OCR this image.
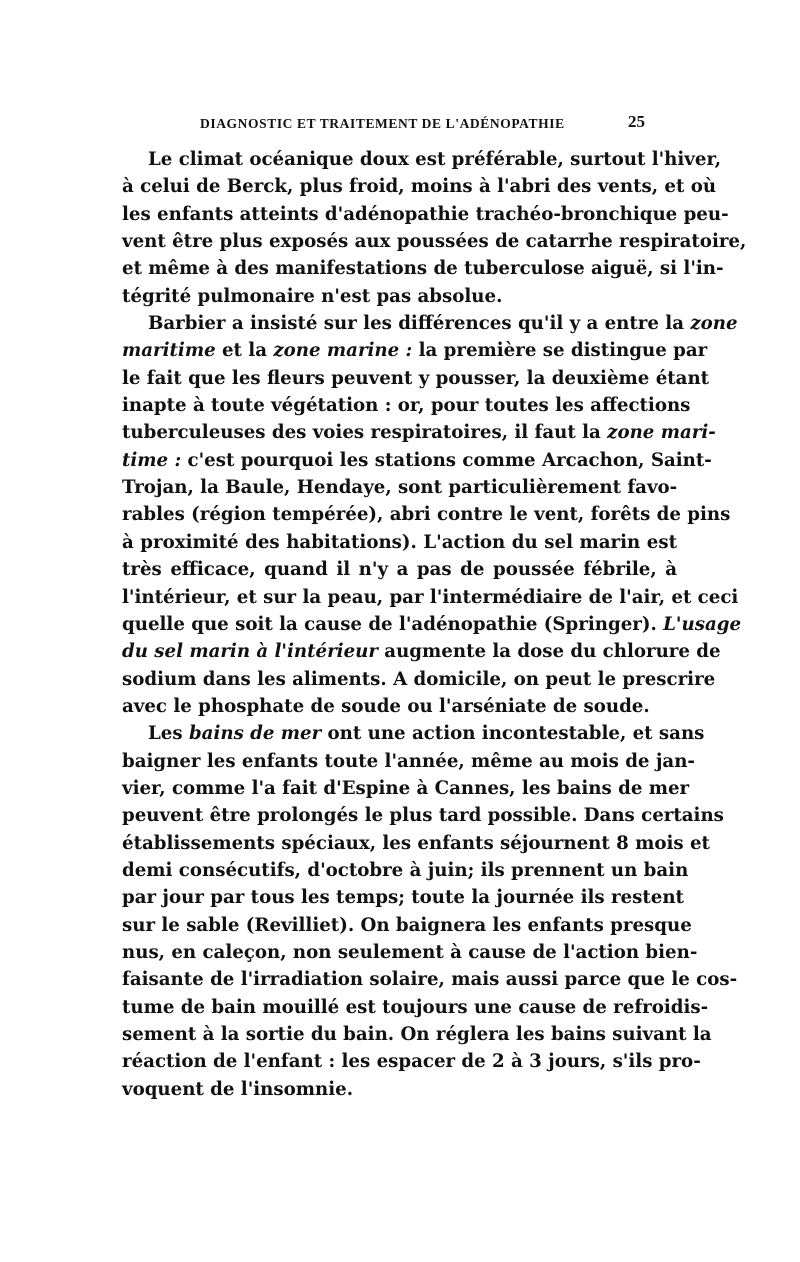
DIAGNOSTIC ET TRAITEMENT DE L'ADÉNOPATHIE	25
Le climat océanique doux est préférable, surtout l'hiver,
à celui de Berck, plus froid, moins à l'abri des vents, et où
les enfants atteints d'adénopathie trachéo-bronchique peu-
vent être plus exposés aux poussées de catarrhe respiratoire,
et même à des manifestations de tuberculose aiguë, si l'in-
tégrité pulmonaire n'est pas absolue.
Barbier a insisté sur les différences qu'il y a entre la zone
maritime et la zone marine : la première se distingue par
le fait que les fleurs peuvent y pousser, la deuxième étant
inapte à toute végétation : or, pour toutes les affections
tuberculeuses des voies respiratoires, il faut la zone mari-
time : c'est pourquoi les stations comme Arcachon, Saint-
Trojan, la Baule, Hendaye, sont particulièrement favo-
rables (région tempérée), abri contre le vent, forêts de pins
à proximité des habitations). L'action du sel marin est
très efficace, quand il n'y a pas de poussée fébrile, à
l'intérieur, et sur la peau, par l'intermédiaire de l'air, et ceci
quelle que soit la cause de l'adénopathie (Springer). L'usage
du sel marin à l'intérieur augmente la dose du chlorure de
sodium dans les aliments. A domicile, on peut le prescrire
avec le phosphate de soude ou l'arséniate de soude.
Les bains de mer ont une action incontestable, et sans
baigner les enfants toute l'année, même au mois de jan-
vier, comme l'a fait d'Espine à Cannes, les bains de mer
peuvent être prolongés le plus tard possible. Dans certains
établissements spéciaux, les enfants séjournent 8 mois et
demi consécutifs, d'octobre à juin; ils prennent un bain
par jour par tous les temps; toute la journée ils restent
sur le sable (Revilliet). On baignera les enfants presque
nus, en caleçon, non seulement à cause de l'action bien-
faisante de l'irradiation solaire, mais aussi parce que le cos-
tume de bain mouillé est toujours une cause de refroidis-
sement à la sortie du bain. On réglera les bains suivant la
réaction de l'enfant : les espacer de 2 à 3 jours, s'ils pro-
voquent de l'insomnie.
